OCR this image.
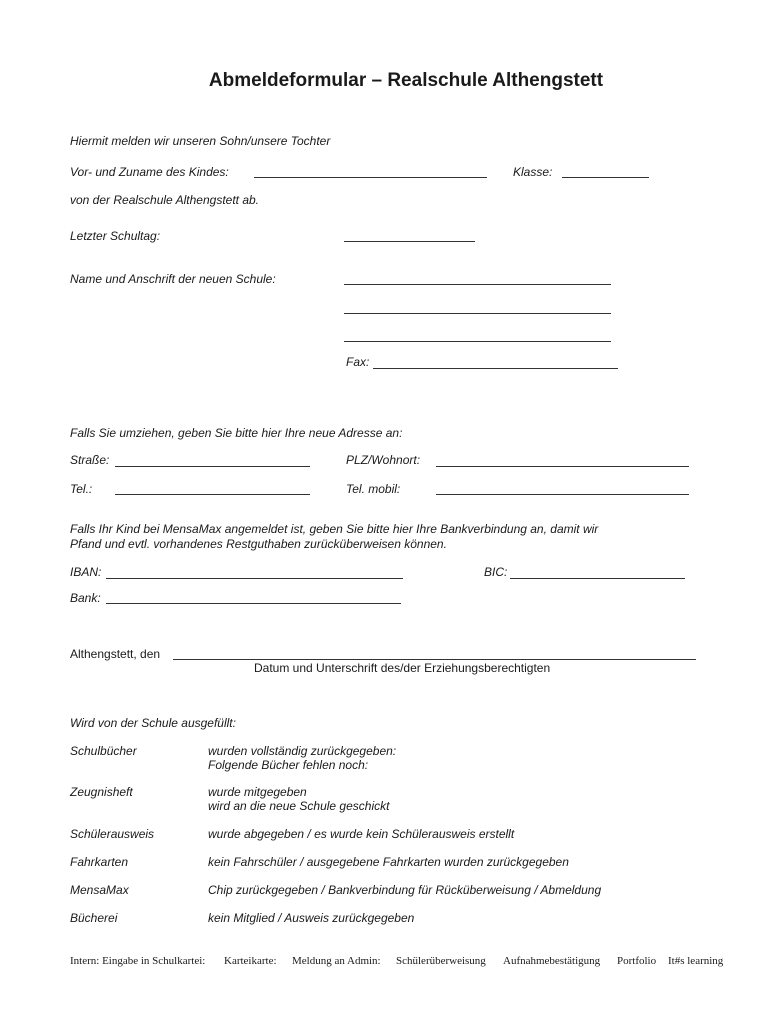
Abmeldeformular – Realschule Althengstett
Hiermit melden wir unseren Sohn/unsere Tochter
Vor- und Zuname des Kindes:	Klasse:
von der Realschule Althengstett ab.
Letzter Schultag:
Name und Anschrift der neuen Schule:
Fax:
Falls Sie umziehen, geben Sie bitte hier Ihre neue Adresse an:
Straße:	PLZ/Wohnort:
Tel.:	Tel. mobil:
Falls Ihr Kind bei MensaMax angemeldet ist, geben Sie bitte hier Ihre Bankverbindung an, damit wir
Pfand und evtl. vorhandenes Restguthaben zurücküberweisen können.
IBAN:	BIC:
Bank:
Althengstett, den
Datum und Unterschrift des/der Erziehungsberechtigten
Wird von der Schule ausgefüllt:
Schulbücher	wurden vollständig zurückgegeben:
Folgende Bücher fehlen noch:
Zeugnisheft	wurde mitgegeben
wird an die neue Schule geschickt
Schülerausweis	wurde abgegeben / es wurde kein Schülerausweis erstellt
Fahrkarten	kein Fahrschüler / ausgegebene Fahrkarten wurden zurückgegeben
MensaMax	Chip zurückgegeben / Bankverbindung für Rücküberweisung / Abmeldung
Bücherei	kein Mitglied / Ausweis zurückgegeben
Intern: Eingabe in Schulkartei: Karteikarte: Meldung an Admin: Schülerüberweisung Aufnahmebestätigung Portfolio It#s learning
